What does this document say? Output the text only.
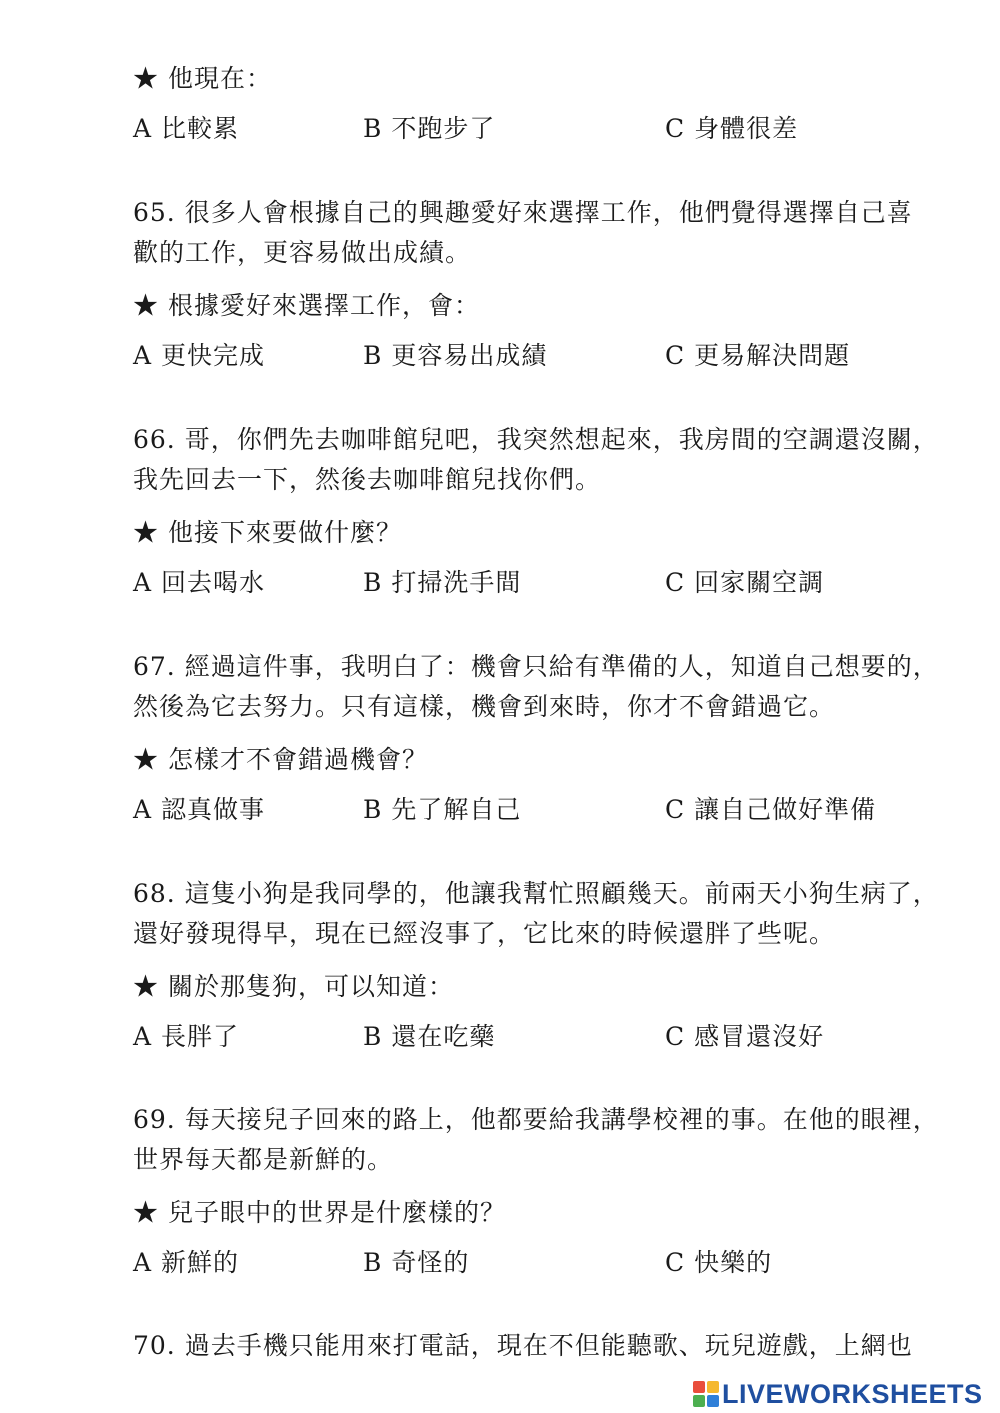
★ 他現在：
A 比較累	B 不跑步了	C 身體很差
65. 很多人會根據自己的興趣愛好來選擇工作，他們覺得選擇自己喜
歡的工作，更容易做出成績。
★ 根據愛好來選擇工作，會：
A 更快完成	B 更容易出成績	C 更易解決問題
66. 哥，你們先去咖啡館兒吧，我突然想起來，我房間的空調還沒關，
我先回去一下，然後去咖啡館兒找你們。
★ 他接下來要做什麼？
A 回去喝水	B 打掃洗手間	C 回家關空調
67. 經過這件事，我明白了：機會只給有準備的人，知道自己想要的，
然後為它去努力。只有這樣，機會到來時，你才不會錯過它。
★ 怎樣才不會錯過機會？
A 認真做事	B 先了解自己	C 讓自己做好準備
68. 這隻小狗是我同學的，他讓我幫忙照顧幾天。前兩天小狗生病了，
還好發現得早，現在已經沒事了，它比來的時候還胖了些呢。
★ 關於那隻狗，可以知道：
A 長胖了	B 還在吃藥	C 感冒還沒好
69. 每天接兒子回來的路上，他都要給我講學校裡的事。在他的眼裡，
世界每天都是新鮮的。
★ 兒子眼中的世界是什麼樣的？
A 新鮮的	B 奇怪的	C 快樂的
70. 過去手機只能用來打電話，現在不但能聽歌、玩兒遊戲，上網也
LIVEWORKSHEETS
